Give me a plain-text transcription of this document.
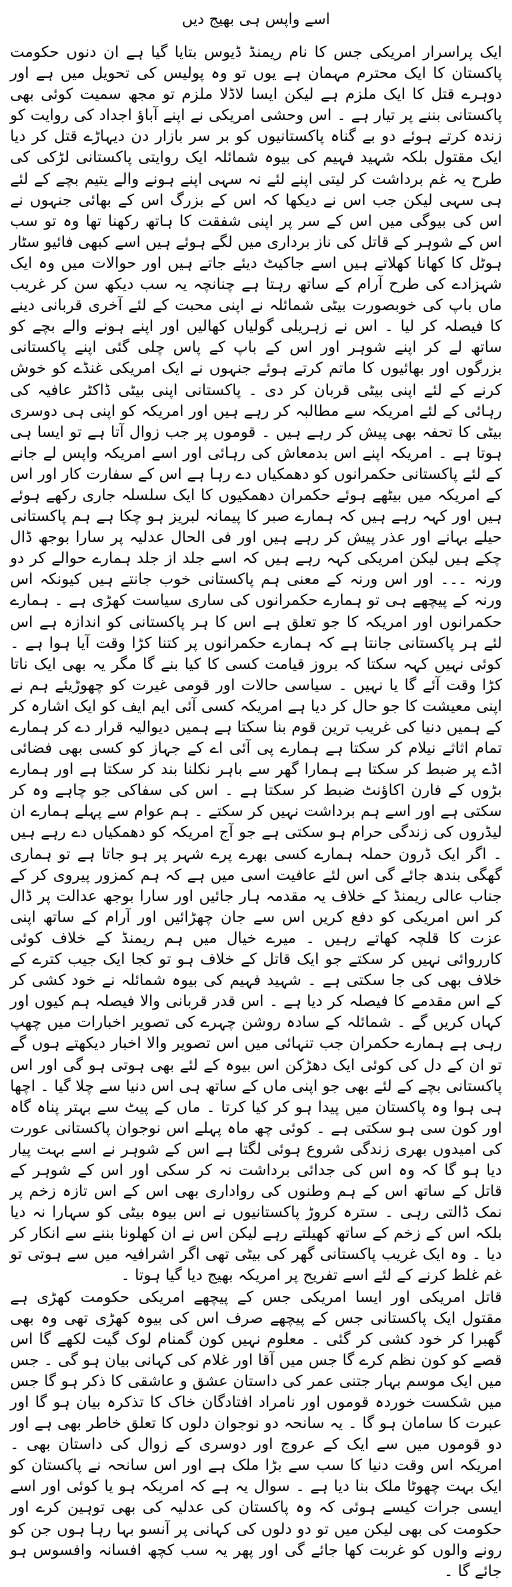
اسے واپس ہی بھیج دیں

ایک پراسرار امریکی جس کا نام ریمنڈ ڈیوس بتایا گیا ہے ان دنوں حکومت پاکستان کا ایک محترم مہمان ہے یوں تو وہ پولیس کی تحویل میں ہے اور دوہرے قتل کا ایک ملزم ہے لیکن ایسا لاڈلا ملزم تو مجھ سمیت کوئی بھی پاکستانی بننے پر تیار ہے ۔ اس وحشی امریکی نے اپنے آباؤ اجداد کی روایت کو زندہ کرتے ہوئے دو بے گناہ پاکستانیوں کو بر سر بازار دن دیہاڑے قتل کر دیا ایک مقتول بلکہ شہید فہیم کی بیوہ شمائلہ ایک روایتی پاکستانی لڑکی کی طرح یہ غم برداشت کر لیتی اپنے لئے نہ سہی اپنے ہونے والے یتیم بچے کے لئے ہی سہی لیکن جب اس نے دیکھا کہ اس کے بزرگ اس کے بھائی جنہوں نے اس کی بیوگی میں اس کے سر پر اپنی شفقت کا ہاتھ رکھنا تھا وہ تو سب اس کے شوہر کے قاتل کی ناز برداری میں لگے ہوئے ہیں اسے کبھی فائیو سٹار ہوٹل کا کھانا کھلاتے ہیں اسے جاکیٹ دیئے جاتے ہیں اور حوالات میں وہ ایک شہزادے کی طرح آرام کے ساتھ رہتا ہے چنانچہ یہ سب دیکھ سن کر غریب ماں باپ کی خوبصورت بیٹی شمائلہ نے اپنی محبت کے لئے آخری قربانی دینے کا فیصلہ کر لیا ۔ اس نے زہریلی گولیاں کھالیں اور اپنے ہونے والے بچے کو ساتھ لے کر اپنے شوہر اور اس کے باپ کے پاس چلی گئی اپنے پاکستانی بزرگوں اور بھائیوں کا ماتم کرتے ہوئے جنہوں نے ایک امریکی غنڈے کو خوش کرنے کے لئے اپنی بیٹی قربان کر دی ۔ پاکستانی اپنی بیٹی ڈاکٹر عافیہ کی رہائی کے لئے امریکہ سے مطالبہ کر رہے ہیں اور امریکہ کو اپنی ہی دوسری بیٹی کا تحفہ بھی پیش کر رہے ہیں ۔ قوموں پر جب زوال آتا ہے تو ایسا ہی ہوتا ہے ۔ امریکہ اپنے اس بدمعاش کی رہائی اور اسے امریکہ واپس لے جانے کے لئے پاکستانی حکمرانوں کو دھمکیاں دے رہا ہے اس کے سفارت کار اور اس کے امریکہ میں بیٹھے ہوئے حکمران دھمکیوں کا ایک سلسلہ جاری رکھے ہوئے ہیں اور کہہ رہے ہیں کہ ہمارے صبر کا پیمانہ لبریز ہو چکا ہے ہم پاکستانی حیلے بہانے اور عذر پیش کر رہے ہیں اور فی الحال عدلیہ پر سارا بوجھ ڈال چکے ہیں لیکن امریکی کہہ رہے ہیں کہ اسے جلد از جلد ہمارے حوالے کر دو ورنہ ۔۔۔ اور اس ورنہ کے معنی ہم پاکستانی خوب جانتے ہیں کیونکہ اس ورنہ کے پیچھے ہی تو ہمارے حکمرانوں کی ساری سیاست کھڑی ہے ۔ ہمارے حکمرانوں اور امریکہ کا جو تعلق ہے اس کا ہر پاکستانی کو اندازہ ہے اس لئے ہر پاکستانی جانتا ہے کہ ہمارے حکمرانوں پر کتنا کڑا وقت آیا ہوا ہے ۔ کوئی نہیں کہہ سکتا کہ بروز قیامت کسی کا کیا بنے گا مگر یہ بھی ایک ناتا کڑا وقت آئے گا یا نہیں ۔ سیاسی حالات اور قومی غیرت کو چھوڑیئے ہم نے اپنی معیشت کا جو حال کر دیا ہے امریکہ کسی آئی ایم ایف کو ایک اشارہ کر کے ہمیں دنیا کی غریب ترین قوم بنا سکتا ہے ہمیں دیوالیہ قرار دے کر ہمارے تمام اثاثے نیلام کر سکتا ہے ہمارے پی آئی اے کے جہاز کو کسی بھی فضائی اڈے پر ضبط کر سکتا ہے ہمارا گھر سے باہر نکلنا بند کر سکتا ہے اور ہمارے بڑوں کے فارن اکاؤنٹ ضبط کر سکتا ہے ۔ اس کی سفاکی جو چاہے وہ کر سکتی ہے اور اسے ہم برداشت نہیں کر سکتے ۔ ہم عوام سے پہلے ہمارے ان لیڈروں کی زندگی حرام ہو سکتی ہے جو آج امریکہ کو دھمکیاں دے رہے ہیں ۔ اگر ایک ڈرون حملہ ہمارے کسی بھرے پرے شہر پر ہو جاتا ہے تو ہماری گھگی بندھ جائے گی اس لئے عافیت اسی میں ہے کہ ہم کمزور پیروی کر کے جناب عالی ریمنڈ کے خلاف یہ مقدمہ ہار جائیں اور سارا بوجھ عدالت پر ڈال کر اس امریکی کو دفع کریں اس سے جان چھڑائیں اور آرام کے ساتھ اپنی عزت کا قلچہ کھاتے رہیں ۔ میرے خیال میں ہم ریمنڈ کے خلاف کوئی کارروائی نہیں کر سکتے جو ایک قاتل کے خلاف ہو تو کجا ایک جیب کترے کے خلاف بھی کی جا سکتی ہے ۔ شہید فہیم کی بیوہ شمائلہ نے خود کشی کر کے اس مقدمے کا فیصلہ کر دیا ہے ۔ اس قدر قربانی والا فیصلہ ہم کیوں اور کہاں کریں گے ۔ شمائلہ کے سادہ روشن چہرے کی تصویر اخبارات میں چھپ رہی ہے ہمارے حکمران جب تنہائی میں اس تصویر والا اخبار دیکھتے ہوں گے تو ان کے دل کی کوئی ایک دھڑکن اس بیوہ کے لئے بھی ہوتی ہو گی اور اس پاکستانی بچے کے لئے بھی جو اپنی ماں کے ساتھ ہی اس دنیا سے چلا گیا ۔ اچھا ہی ہوا وہ پاکستان میں پیدا ہو کر کیا کرتا ۔ ماں کے پیٹ سے بہتر پناہ گاہ اور کون سی ہو سکتی ہے ۔ کوئی چھ ماہ پہلے اس نوجوان پاکستانی عورت کی امیدوں بھری زندگی شروع ہوئی لگتا ہے اس کے شوہر نے اسے بہت پیار دیا ہو گا کہ وہ اس کی جدائی برداشت نہ کر سکی اور اس کے شوہر کے قاتل کے ساتھ اس کے ہم وطنوں کی رواداری بھی اس کے اس تازہ زخم پر نمک ڈالتی رہی ۔ سترہ کروڑ پاکستانیوں نے اس بیوہ بیٹی کو سہارا نہ دیا بلکہ اس کے زخم کے ساتھ کھیلتے رہے لیکن اس نے ان کھلونا بننے سے انکار کر دیا ۔ وہ ایک غریب پاکستانی گھر کی بیٹی تھی اگر اشرافیہ میں سے ہوتی تو غم غلط کرنے کے لئے اسے تفریح پر امریکہ بھیج دیا گیا ہوتا ۔

قاتل امریکی اور ایسا امریکی جس کے پیچھے امریکی حکومت کھڑی ہے مقتول ایک پاکستانی جس کے پیچھے صرف اس کی بیوہ کھڑی تھی وہ بھی گھبرا کر خود کشی کر گئی ۔ معلوم نہیں کون گمنام لوک گیت لکھے گا اس قصے کو کون نظم کرے گا جس میں آقا اور غلام کی کہانی بیان ہو گی ۔ جس میں ایک موسم بہار جتنی عمر کی داستان عشق و عاشقی کا ذکر ہو گا جس میں شکست خوردہ قوموں اور نامراد افتادگان خاک کا تذکرہ بیان ہو گا اور عبرت کا سامان ہو گا ۔ یہ سانحہ دو نوجوان دلوں کا تعلق خاطر بھی ہے اور دو قوموں میں سے ایک کے عروج اور دوسری کے زوال کی داستان بھی ۔ امریکہ اس وقت دنیا کا سب سے بڑا ملک ہے اور اس سانحہ نے پاکستان کو ایک بہت چھوٹا ملک بنا دیا ہے ۔ سوال یہ ہے کہ امریکہ ہو یا کوئی اور اسے ایسی جرات کیسے ہوئی کہ وہ پاکستان کی عدلیہ کی بھی توہین کرے اور حکومت کی بھی لیکن میں تو دو دلوں کی کہانی پر آنسو بہا رہا ہوں جن کو رونے والوں کو غربت کھا جائے گی اور پھر یہ سب کچھ افسانہ وافسوس ہو جائے گا ۔
